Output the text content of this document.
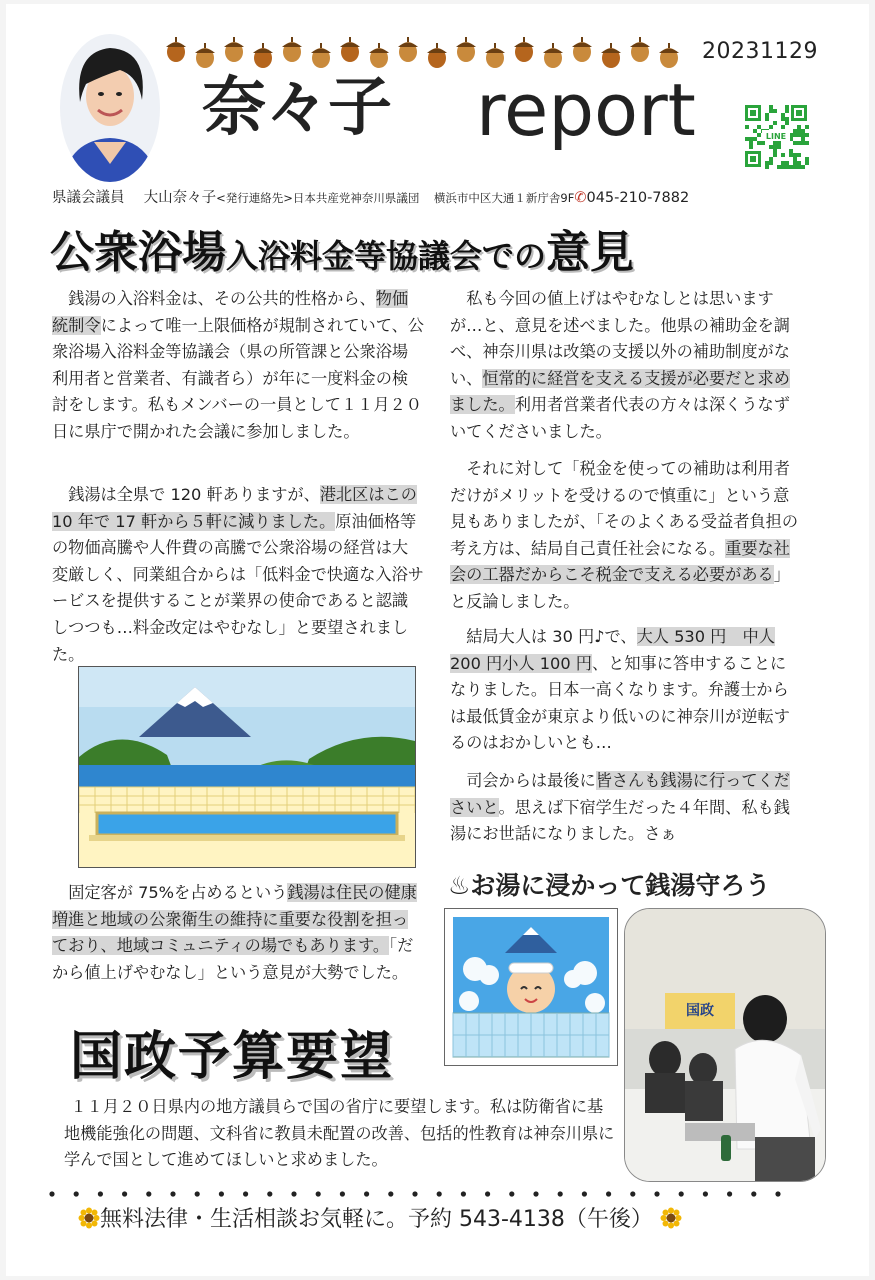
20231129
奈々子 report	LINE
県議会議員　 大山奈々子<発行連絡先>日本共産党神奈川県議団　 横浜市中区大通１新庁舎9F✆045-210-7882
公衆浴場入浴料金等協議会での意見

銭湯の入浴料金は、その公共的性格から、物価統制令によって唯一上限価格が規制されていて、公衆浴場入浴料金等協議会（県の所管課と公衆浴場利用者と営業者、有識者ら）が年に一度料金の検討をします。私もメンバーの一員として１１月２０日に県庁で開かれた会議に参加しました。

銭湯は全県で 120 軒ありますが、港北区はこの 10 年で 17 軒から５軒に減りました。原油価格等の物価高騰や人件費の高騰で公衆浴場の経営は大変厳しく、同業組合からは「低料金で快適な入浴サービスを提供することが業界の使命であると認識しつつも…料金改定はやむなし」と要望されました。

固定客が 75%を占めるという銭湯は住民の健康増進と地域の公衆衛生の維持に重要な役割を担っており、地域コミュニティの場でもあります。「だから値上げやむなし」という意見が大勢でした。

私も今回の値上げはやむなしとは思いますが…と、意見を述べました。他県の補助金を調べ、神奈川県は改築の支援以外の補助制度がない、恒常的に経営を支える支援が必要だと求めました。利用者営業者代表の方々は深くうなずいてくださいました。

それに対して「税金を使っての補助は利用者だけがメリットを受けるので慎重に」という意見もありましたが、「そのよくある受益者負担の考え方は、結局自己責任社会になる。重要な社会の工器だからこそ税金で支える必要がある」と反論しました。

結局大人は 30 円♪で、大人 530 円　中人 200 円小人 100 円、と知事に答申することになりました。日本一高くなります。弁護士からは最低賃金が東京より低いのに神奈川が逆転するのはおかしいとも…

司会からは最後に皆さんも銭湯に行ってくださいと。思えば下宿学生だった４年間、私も銭湯にお世話になりました。さぁ

♨お湯に浸かって銭湯守ろう
国政
国政予算要望

１１月２０日県内の地方議員らで国の省庁に要望します。私は防衛省に基地機能強化の問題、文科省に教員未配置の改善、包括的性教育は神奈川県に学んで国として進めてほしいと求めました。

無料法律・生活相談お気軽に。予約 543-4138（午後）
